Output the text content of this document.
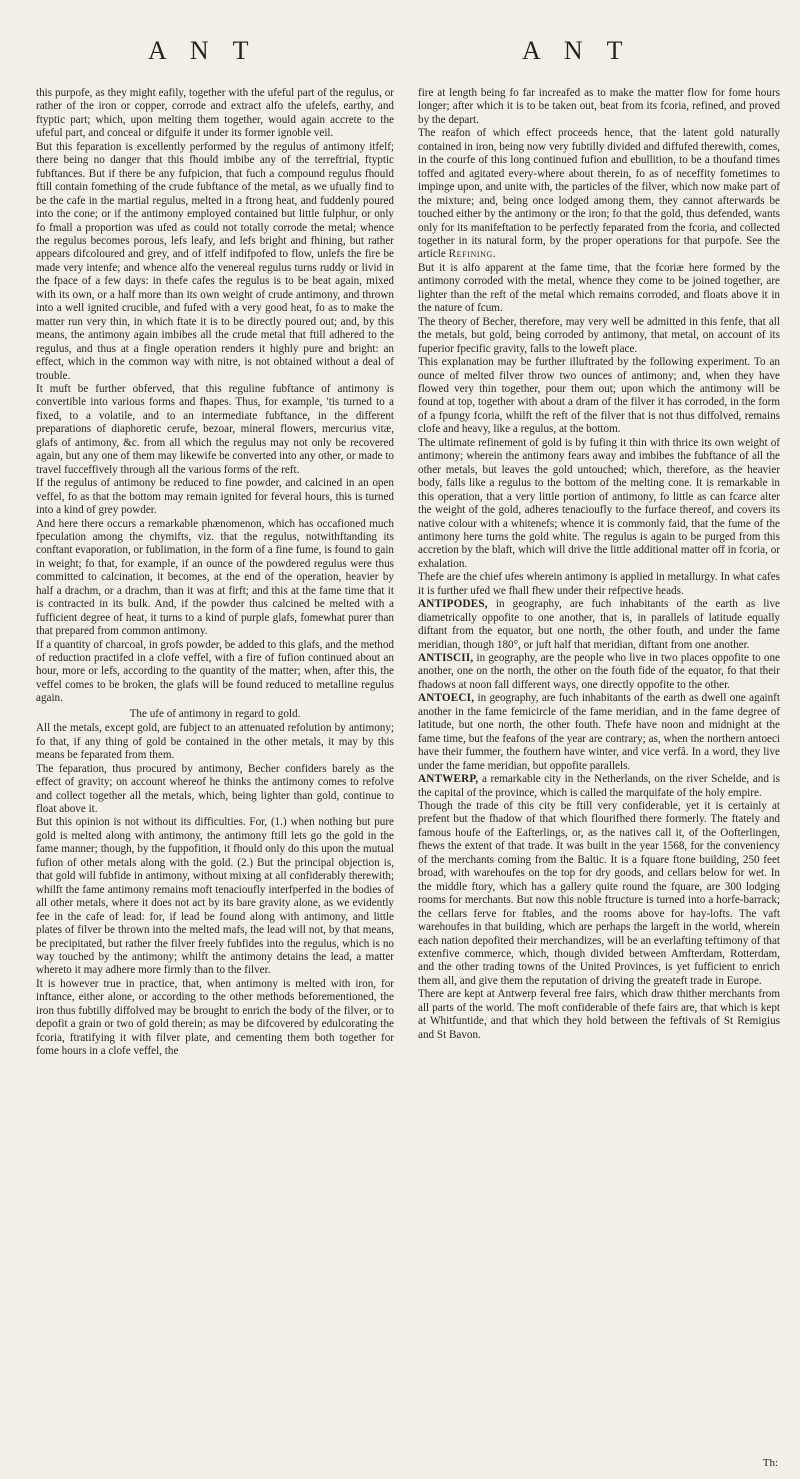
A N T	A N T

this purpofe, as they might eafily, together with the ufeful part of the regulus, or rather of the iron or copper, corrode and extract alfo the ufelefs, earthy, and ftyptic part; which, upon melting them together, would again accrete to the ufeful part, and conceal or difguife it under its former ignoble veil.

But this feparation is excellently performed by the regulus of antimony itfelf; there being no danger that this fhould imbibe any of the terreftrial, ftyptic fubftances. But if there be any fufpicion, that fuch a compound regulus fhould ftill contain fomething of the crude fubftance of the metal, as we ufually find to be the cafe in the martial regulus, melted in a ftrong heat, and fuddenly poured into the cone; or if the antimony employed contained but little fulphur, or only fo fmall a proportion was ufed as could not totally corrode the metal; whence the regulus becomes porous, lefs leafy, and lefs bright and fhining, but rather appears difcoloured and grey, and of itfelf indifpofed to flow, unlefs the fire be made very intenfe; and whence alfo the venereal regulus turns ruddy or livid in the fpace of a few days: in thefe cafes the regulus is to be beat again, mixed with its own, or a half more than its own weight of crude antimony, and thrown into a well ignited crucible, and fufed with a very good heat, fo as to make the matter run very thin, in which ftate it is to be directly poured out; and, by this means, the antimony again imbibes all the crude metal that ftill adhered to the regulus, and thus at a fingle operation renders it highly pure and bright: an effect, which in the common way with nitre, is not obtained without a deal of trouble.

It muft be further obferved, that this reguline fubftance of antimony is convertible into various forms and fhapes. Thus, for example, 'tis turned to a fixed, to a volatile, and to an intermediate fubftance, in the different preparations of diaphoretic cerufe, bezoar, mineral flowers, mercurius vitæ, glafs of antimony, &c. from all which the regulus may not only be recovered again, but any one of them may likewife be converted into any other, or made to travel fucceffively through all the various forms of the reft.

If the regulus of antimony be reduced to fine powder, and calcined in an open veffel, fo as that the bottom may remain ignited for feveral hours, this is turned into a kind of grey powder.

And here there occurs a remarkable phænomenon, which has occafioned much fpeculation among the chymifts, viz. that the regulus, notwithftanding its conftant evaporation, or fublimation, in the form of a fine fume, is found to gain in weight; fo that, for example, if an ounce of the powdered regulus were thus committed to calcination, it becomes, at the end of the operation, heavier by half a drachm, or a drachm, than it was at firft; and this at the fame time that it is contracted in its bulk. And, if the powder thus calcined be melted with a fufficient degree of heat, it turns to a kind of purple glafs, fomewhat purer than that prepared from common antimony.

If a quantity of charcoal, in grofs powder, be added to this glafs, and the method of reduction practifed in a clofe veffel, with a fire of fufion continued about an hour, more or lefs, according to the quantity of the matter; when, after this, the veffel comes to be broken, the glafs will be found reduced to metalline regulus again.

The ufe of antimony in regard to gold.

All the metals, except gold, are fubject to an attenuated refolution by antimony; fo that, if any thing of gold be contained in the other metals, it may by this means be feparated from them.

The feparation, thus procured by antimony, Becher confiders barely as the effect of gravity; on account whereof he thinks the antimony comes to refolve and collect together all the metals, which, being lighter than gold, continue to float above it.

But this opinion is not without its difficulties. For, (1.) when nothing but pure gold is melted along with antimony, the antimony ftill lets go the gold in the fame manner; though, by the fuppofition, it fhould only do this upon the mutual fufion of other metals along with the gold. (2.) But the principal objection is, that gold will fubfide in antimony, without mixing at all confiderably therewith; whilft the fame antimony remains moft tenacioufly interfperfed in the bodies of all other metals, where it does not act by its bare gravity alone, as we evidently fee in the cafe of lead: for, if lead be found along with antimony, and little plates of filver be thrown into the melted mafs, the lead will not, by that means, be precipitated, but rather the filver freely fubfides into the regulus, which is no way touched by the antimony; whilft the antimony detains the lead, a matter whereto it may adhere more firmly than to the filver.

It is however true in practice, that, when antimony is melted with iron, for inftance, either alone, or according to the other methods beforementioned, the iron thus fubtilly diffolved may be brought to enrich the body of the filver, or to depofit a grain or two of gold therein; as may be difcovered by edulcorating the fcoria, ftratifying it with filver plate, and cementing them both together for fome hours in a clofe veffel, the

fire at length being fo far increafed as to make the matter flow for fome hours longer; after which it is to be taken out, beat from its fcoria, refined, and proved by the depart.

The reafon of which effect proceeds hence, that the latent gold naturally contained in iron, being now very fubtilly divided and diffufed therewith, comes, in the courfe of this long continued fufion and ebullition, to be a thoufand times toffed and agitated every-where about therein, fo as of neceffity fometimes to impinge upon, and unite with, the particles of the filver, which now make part of the mixture; and, being once lodged among them, they cannot afterwards be touched either by the antimony or the iron; fo that the gold, thus defended, wants only for its manifeftation to be perfectly feparated from the fcoria, and collected together in its natural form, by the proper operations for that purpofe. See the article Refining.

But it is alfo apparent at the fame time, that the fcoriæ here formed by the antimony corroded with the metal, whence they come to be joined together, are lighter than the reft of the metal which remains corroded, and floats above it in the nature of fcum.

The theory of Becher, therefore, may very well be admitted in this fenfe, that all the metals, but gold, being corroded by antimony, that metal, on account of its fuperior fpecific gravity, falls to the loweft place.

This explanation may be further illuftrated by the following experiment. To an ounce of melted filver throw two ounces of antimony; and, when they have flowed very thin together, pour them out; upon which the antimony will be found at top, together with about a dram of the filver it has corroded, in the form of a fpungy fcoria, whilft the reft of the filver that is not thus diffolved, remains clofe and heavy, like a regulus, at the bottom.

The ultimate refinement of gold is by fufing it thin with thrice its own weight of antimony; wherein the antimony fears away and imbibes the fubftance of all the other metals, but leaves the gold untouched; which, therefore, as the heavier body, falls like a regulus to the bottom of the melting cone. It is remarkable in this operation, that a very little portion of antimony, fo little as can fcarce alter the weight of the gold, adheres tenacioufly to the furface thereof, and covers its native colour with a whitenefs; whence it is commonly faid, that the fume of the antimony here turns the gold white. The regulus is again to be purged from this accretion by the blaft, which will drive the little additional matter off in fcoria, or exhalation.

Thefe are the chief ufes wherein antimony is applied in metallurgy. In what cafes it is further ufed we fhall fhew under their refpective heads.

ANTIPODES, in geography, are fuch inhabitants of the earth as live diametrically oppofite to one another, that is, in parallels of latitude equally diftant from the equator, but one north, the other fouth, and under the fame meridian, though 180°, or juft half that meridian, diftant from one another.

ANTISCII, in geography, are the people who live in two places oppofite to one another, one on the north, the other on the fouth fide of the equator, fo that their fhadows at noon fall different ways, one directly oppofite to the other.

ANTOECI, in geography, are fuch inhabitants of the earth as dwell one againft another in the fame femicircle of the fame meridian, and in the fame degree of latitude, but one north, the other fouth. Thefe have noon and midnight at the fame time, but the feafons of the year are contrary; as, when the northern antoeci have their fummer, the fouthern have winter, and vice verfâ. In a word, they live under the fame meridian, but oppofite parallels.

ANTWERP, a remarkable city in the Netherlands, on the river Schelde, and is the capital of the province, which is called the marquifate of the holy empire.

Though the trade of this city be ftill very confiderable, yet it is certainly at prefent but the fhadow of that which flourifhed there formerly. The ftately and famous houfe of the Eafterlings, or, as the natives call it, of the Oofterlingen, fhews the extent of that trade. It was built in the year 1568, for the conveniency of the merchants coming from the Baltic. It is a fquare ftone building, 250 feet broad, with warehoufes on the top for dry goods, and cellars below for wet. In the middle ftory, which has a gallery quite round the fquare, are 300 lodging rooms for merchants. But now this noble ftructure is turned into a horfe-barrack; the cellars ferve for ftables, and the rooms above for hay-lofts. The vaft warehoufes in that building, which are perhaps the largeft in the world, wherein each nation depofited their merchandizes, will be an everlafting teftimony of that extenfive commerce, which, though divided between Amfterdam, Rotterdam, and the other trading towns of the United Provinces, is yet fufficient to enrich them all, and give them the reputation of driving the greateft trade in Europe.

There are kept at Antwerp feveral free fairs, which draw thither merchants from all parts of the world. The moft confiderable of thefe fairs are, that which is kept at Whitfuntide, and that which they hold between the feftivals of St Remigius and St Bavon.

Th:
